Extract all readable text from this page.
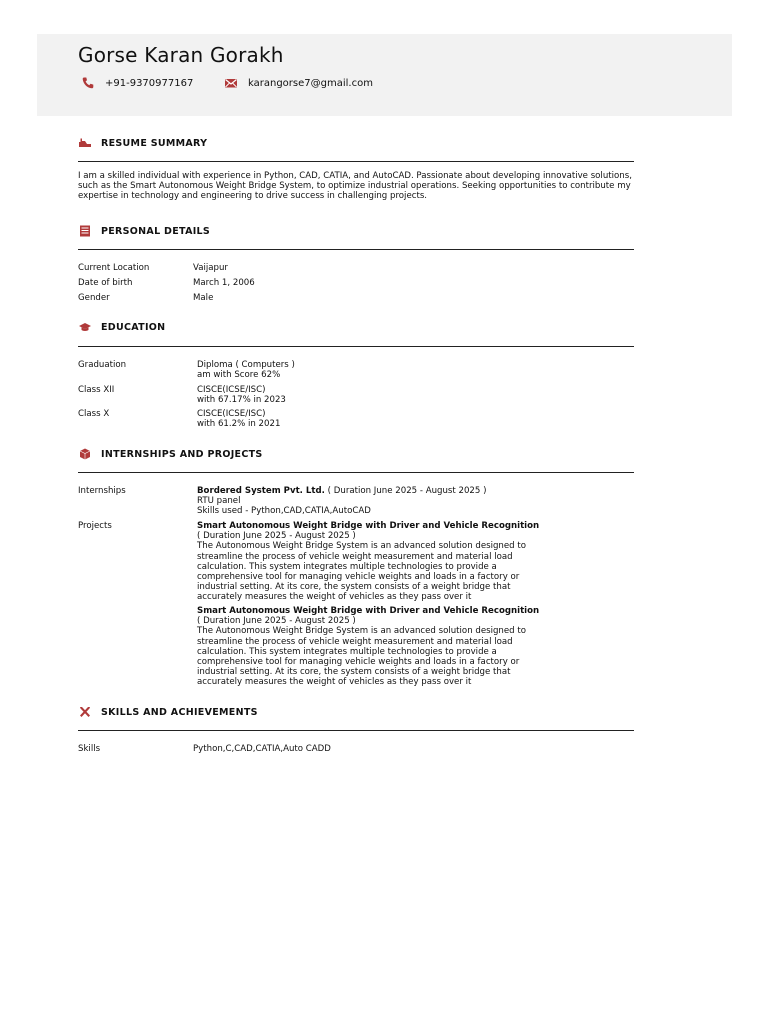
Gorse Karan Gorakh
+91-9370977167	karangorse7@gmail.com
RESUME SUMMARY
I am a skilled individual with experience in Python, CAD, CATIA, and AutoCAD. Passionate about developing innovative solutions, such as the Smart Autonomous Weight Bridge System, to optimize industrial operations. Seeking opportunities to contribute my expertise in technology and engineering to drive success in challenging projects.
PERSONAL DETAILS
Current Location	Vaijapur
Date of birth	March 1, 2006
Gender	Male
EDUCATION
Graduation	Diploma ( Computers )
am with Score 62%
Class XII	CISCE(ICSE/ISC)
with 67.17% in 2023
Class X	CISCE(ICSE/ISC)
with 61.2% in 2021
INTERNSHIPS AND PROJECTS
Internships	Bordered System Pvt. Ltd. ( Duration June 2025 - August 2025 )
RTU panel
Skills used - Python,CAD,CATIA,AutoCAD
Projects	Smart Autonomous Weight Bridge with Driver and Vehicle Recognition
( Duration June 2025 - August 2025 )
The Autonomous Weight Bridge System is an advanced solution designed to streamline the process of vehicle weight measurement and material load calculation. This system integrates multiple technologies to provide a comprehensive tool for managing vehicle weights and loads in a factory or industrial setting. At its core, the system consists of a weight bridge that accurately measures the weight of vehicles as they pass over it
Smart Autonomous Weight Bridge with Driver and Vehicle Recognition
( Duration June 2025 - August 2025 )
The Autonomous Weight Bridge System is an advanced solution designed to streamline the process of vehicle weight measurement and material load calculation. This system integrates multiple technologies to provide a comprehensive tool for managing vehicle weights and loads in a factory or industrial setting. At its core, the system consists of a weight bridge that accurately measures the weight of vehicles as they pass over it
SKILLS AND ACHIEVEMENTS
Skills	Python,C,CAD,CATIA,Auto CADD
